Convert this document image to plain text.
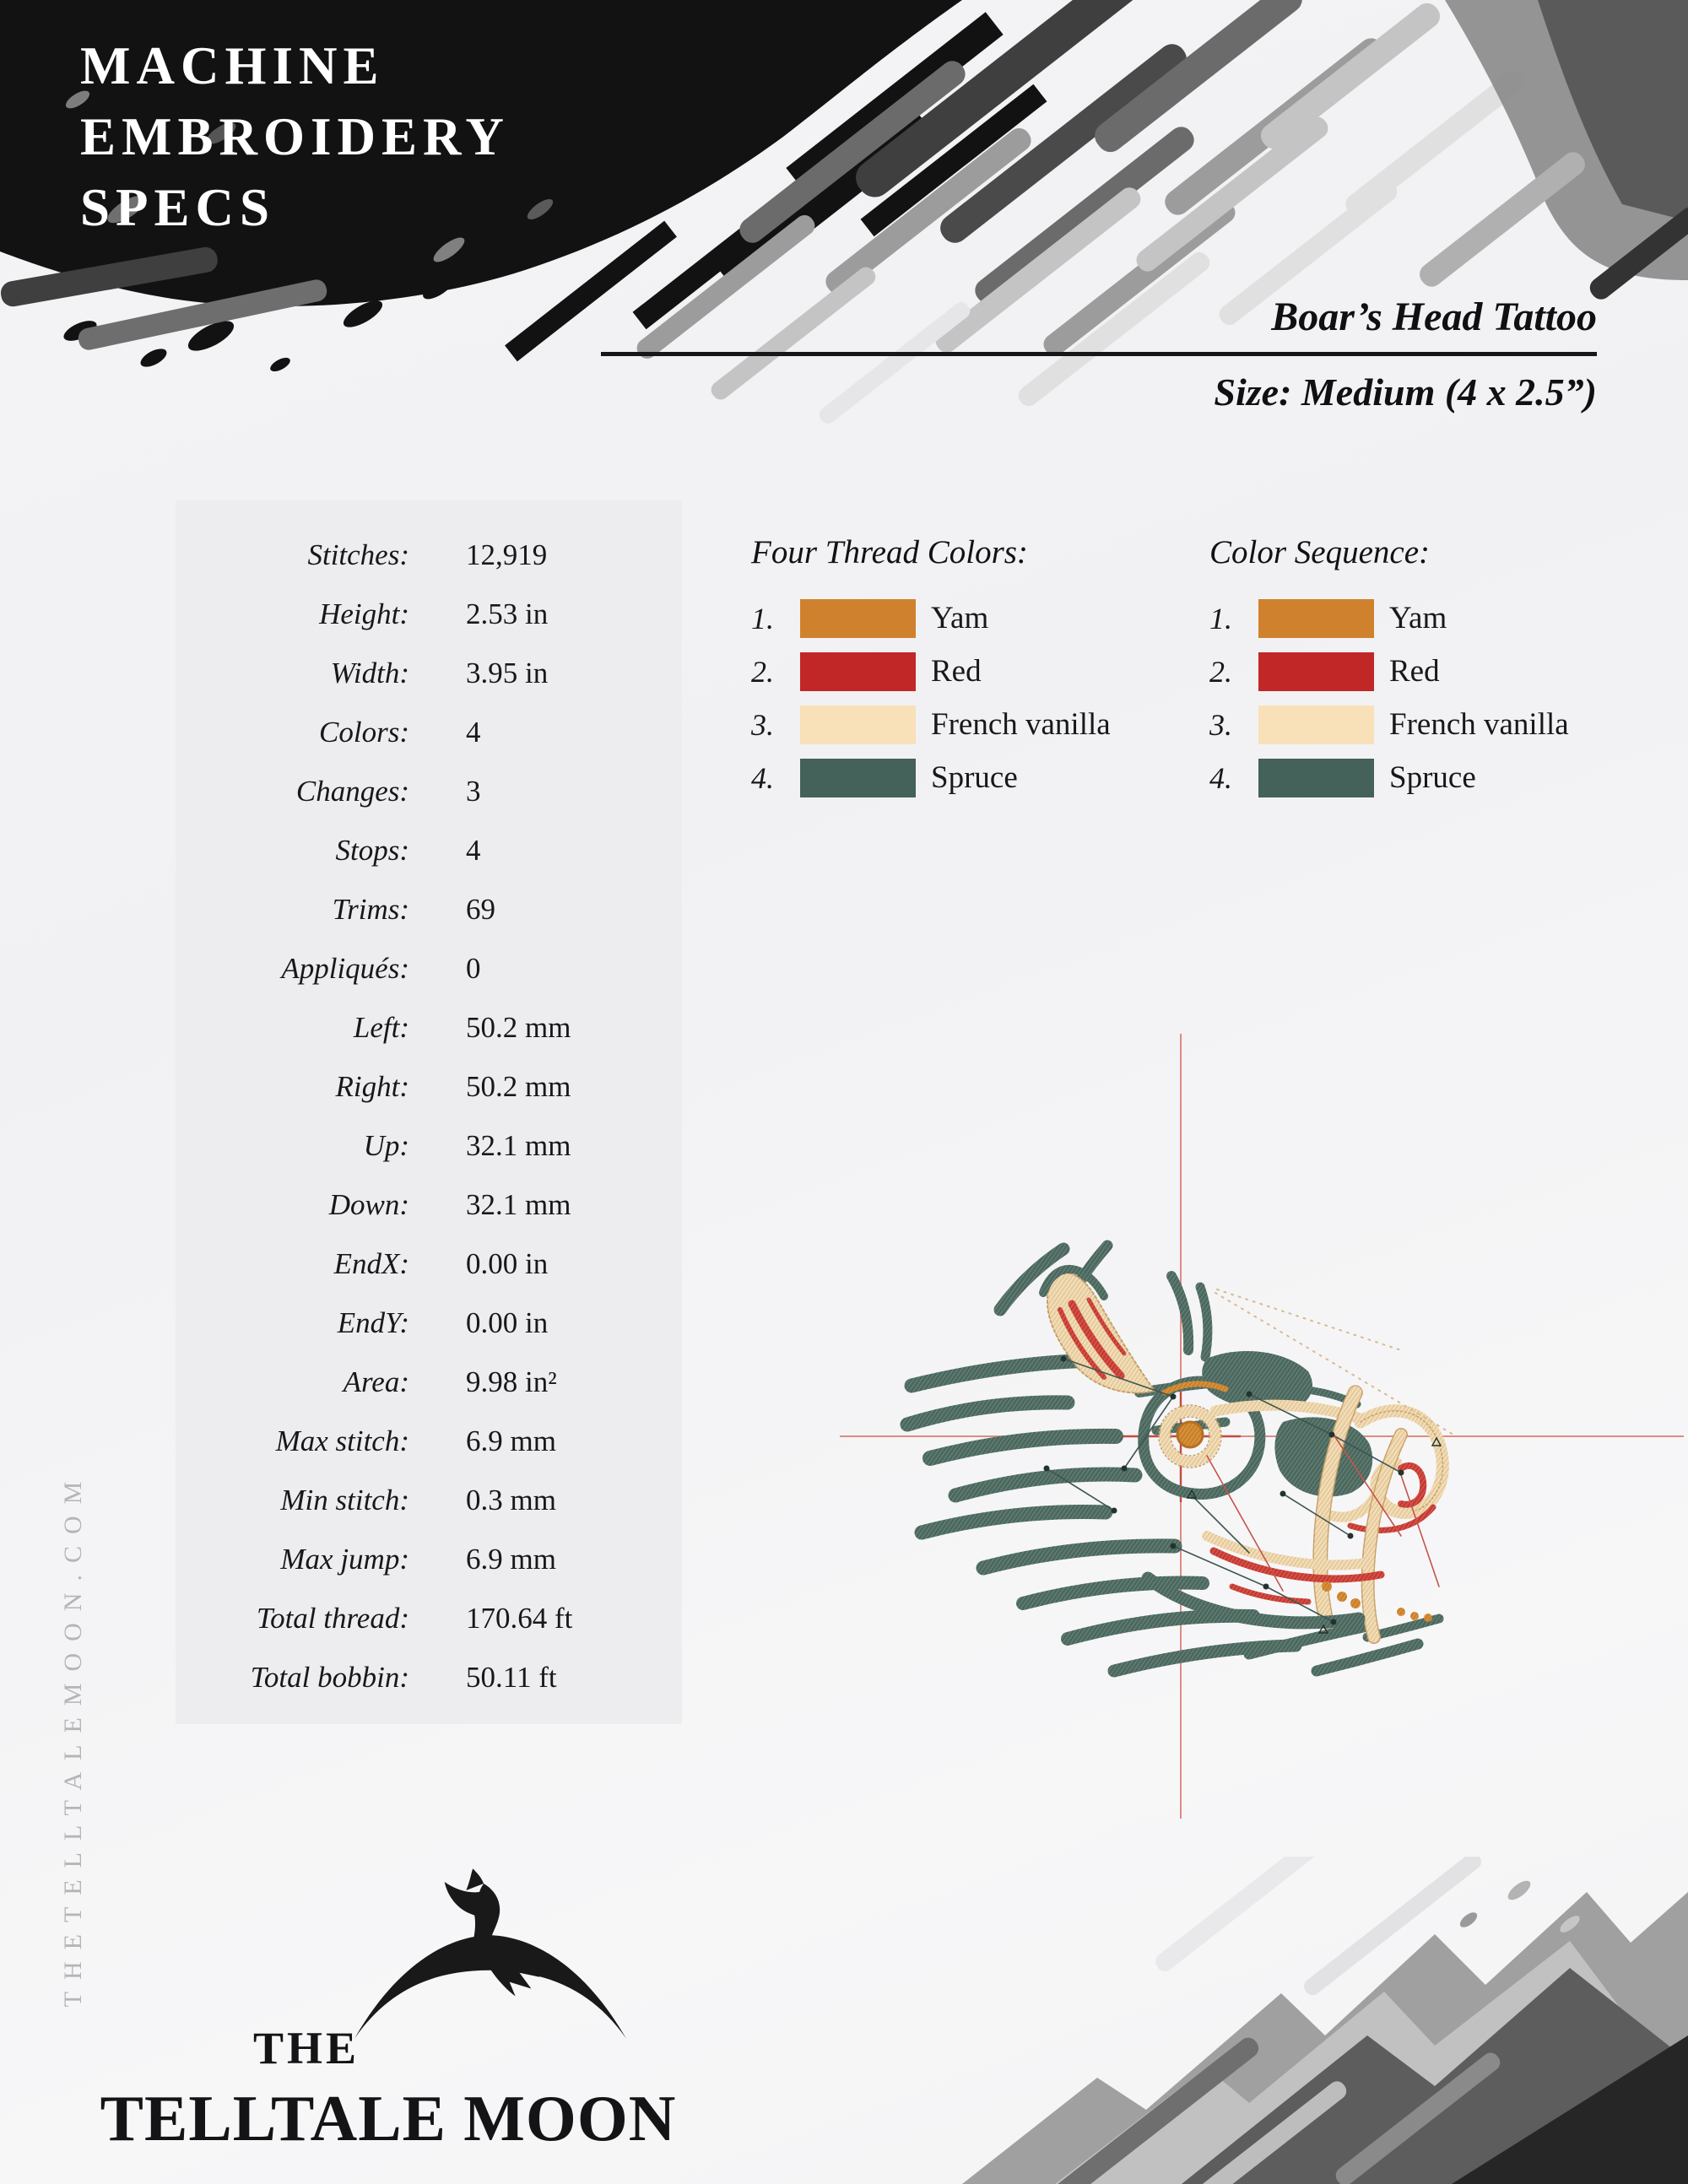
MACHINE
EMBROIDERY
SPECS
Boar’s Head Tattoo
Size: Medium (4 x 2.5”)
Stitches: 12,919
Height: 2.53 in
Width: 3.95 in
Colors: 4
Changes: 3
Stops: 4
Trims: 69
Appliqués: 0
Left: 50.2 mm
Right: 50.2 mm
Up: 32.1 mm
Down: 32.1 mm
EndX: 0.00 in
EndY: 0.00 in
Area: 9.98 in²
Max stitch: 6.9 mm
Min stitch: 0.3 mm
Max jump: 6.9 mm
Total thread: 170.64 ft
Total bobbin: 50.11 ft
Four Thread Colors:
1.	Yam
2.	Red
3.	French vanilla
4.	Spruce
Color Sequence:
1.	Yam
2.	Red
3.	French vanilla
4.	Spruce
THETELLTALEMOON.COM
THE
TELLTALE MOON
